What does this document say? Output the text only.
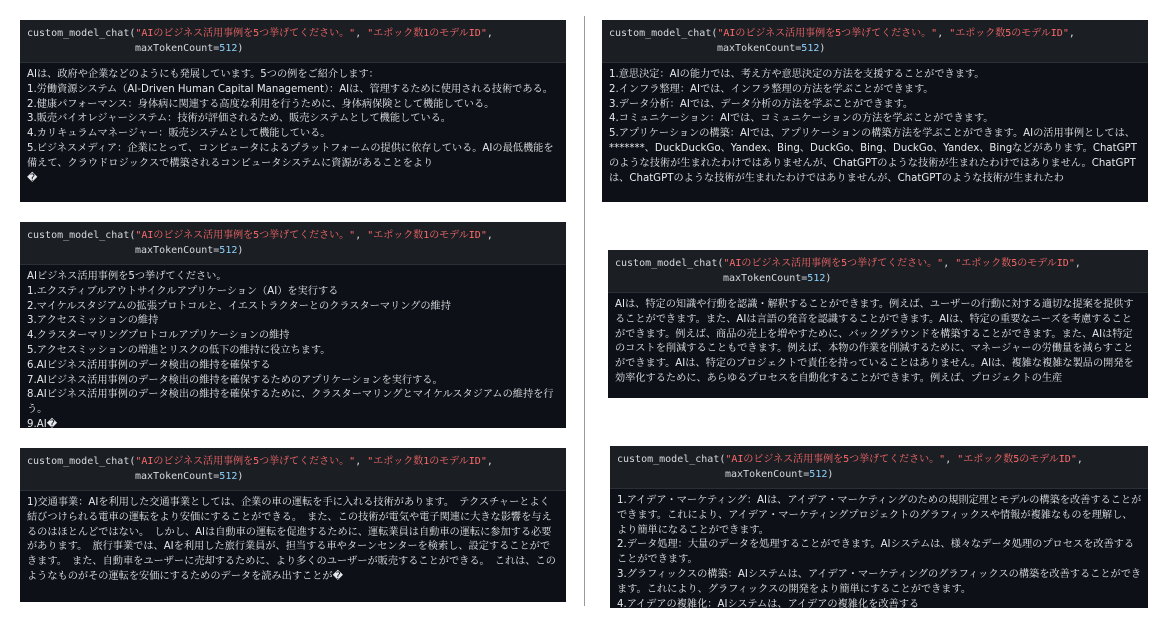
custom_model_chat("AIのビジネス活用事例を5つ挙げてください。", "エポック数1のモデルID",
maxTokenCount=512)
AIは、政府や企業などのようにも発展しています。5つの例をご紹介します：
1.労働資源システム（AI-Driven Human Capital Management）：AIは、管理するために使用される技術である。
2.健康パフォーマンス：身体病に関連する高度な利用を行うために、身体病保険として機能している。
3.販売バイオレジャーシステム：技術が評価されるため、販売システムとして機能している。
4.カリキュラムマネージャー：販売システムとして機能している。
5.ビジネスメディア：企業にとって、コンピュータによるプラットフォームの提供に依存している。AIの最低機能を備えて、クラウドロジックスで構築されるコンピュータシステムに資源があることをより
�
custom_model_chat("AIのビジネス活用事例を5つ挙げてください。", "エポック数1のモデルID",
maxTokenCount=512)
AIビジネス活用事例を5つ挙げてください。
1.エクスティブルアウトサイクルアプリケーション（AI）を実行する
2.マイケルスタジアムの拡張プロトコルと、イエストラクターとのクラスターマリングの維持
3.アクセスミッションの維持
4.クラスターマリングプロトコルアプリケーションの維持
5.アクセスミッションの増進とリスクの低下の維持に役立ちます。
6.AIビジネス活用事例のデータ検出の維持を確保する
7.AIビジネス活用事例のデータ検出の維持を確保するためのアプリケーションを実行する。
8.AIビジネス活用事例のデータ検出の維持を確保するために、クラスターマリングとマイケルスタジアムの維持を行う。
9.AI�
custom_model_chat("AIのビジネス活用事例を5つ挙げてください。", "エポック数1のモデルID",
maxTokenCount=512)
1)交通事業：AIを利用した交通事業としては、企業の車の運転を手に入れる技術があります。　テクスチャーとよく結びつけられる電車の運転をより安価にすることができる。　また、この技術が電気や電子関連に大きな影響を与えるのはほとんどではない。　しかし、AIは自動車の運転を促進するために、運転業員は自動車の運転に参加する必要があります。　旅行事業では、AIを利用した旅行業員が、担当する車やターンセンターを検索し、設定することができます。　また、自動車をユーザーに売却するために、より多くのユーザーが販売することができる。　これは、このようなものがその運転を安価にするためのデータを読み出すことが�
custom_model_chat("AIのビジネス活用事例を5つ挙げてください。", "エポック数5のモデルID",
maxTokenCount=512)
1.意思決定：AIの能力では、考え方や意思決定の方法を支援することができます。
2.インフラ整理：AIでは、インフラ整理の方法を学ぶことができます。
3.データ分析：AIでは、データ分析の方法を学ぶことができます。
4.コミュニケーション：AIでは、コミュニケーションの方法を学ぶことができます。
5.アプリケーションの構築：AIでは、アプリケーションの構築方法を学ぶことができます。AIの活用事例としては、*******、DuckDuckGo、Yandex、Bing、DuckGo、Bing、DuckGo、Yandex、Bingなどがあります。ChatGPTのような技術が生まれたわけではありませんが、ChatGPTのような技術が生まれたわけではありません。ChatGPTは、ChatGPTのような技術が生まれたわけではありませんが、ChatGPTのような技術が生まれたわ
custom_model_chat("AIのビジネス活用事例を5つ挙げてください。", "エポック数5のモデルID",
maxTokenCount=512)
AIは、特定の知識や行動を認識・解釈することができます。例えば、ユーザーの行動に対する適切な提案を提供することができます。また、AIは言語の発音を認識することができます。AIは、特定の重要なニーズを考慮することができます。例えば、商品の売上を増やすために、バックグラウンドを構築することができます。また、AIは特定のコストを削減することもできます。例えば、本物の作業を削減するために、マネージャーの労働量を減らすことができます。AIは、特定のプロジェクトで責任を持っていることはありません。AIは、複雑な複雑な製品の開発を効率化するために、あらゆるプロセスを自動化することができます。例えば、プロジェクトの生産
custom_model_chat("AIのビジネス活用事例を5つ挙げてください。", "エポック数5のモデルID",
maxTokenCount=512)
1.アイデア・マーケティング：AIは、アイデア・マーケティングのための規則定理とモデルの構築を改善することができます。これにより、アイデア・マーケティングプロジェクトのグラフィックスや情報が複雑なものを理解し、より簡単になることができます。
2.データ処理：大量のデータを処理することができます。AIシステムは、様々なデータ処理のプロセスを改善することができます。
3.グラフィックスの構築：AIシステムは、アイデア・マーケティングのグラフィックスの構築を改善することができます。これにより、グラフィックスの開発をより簡単にすることができます。
4.アイデアの複雑化：AIシステムは、アイデアの複雑化を改善する
